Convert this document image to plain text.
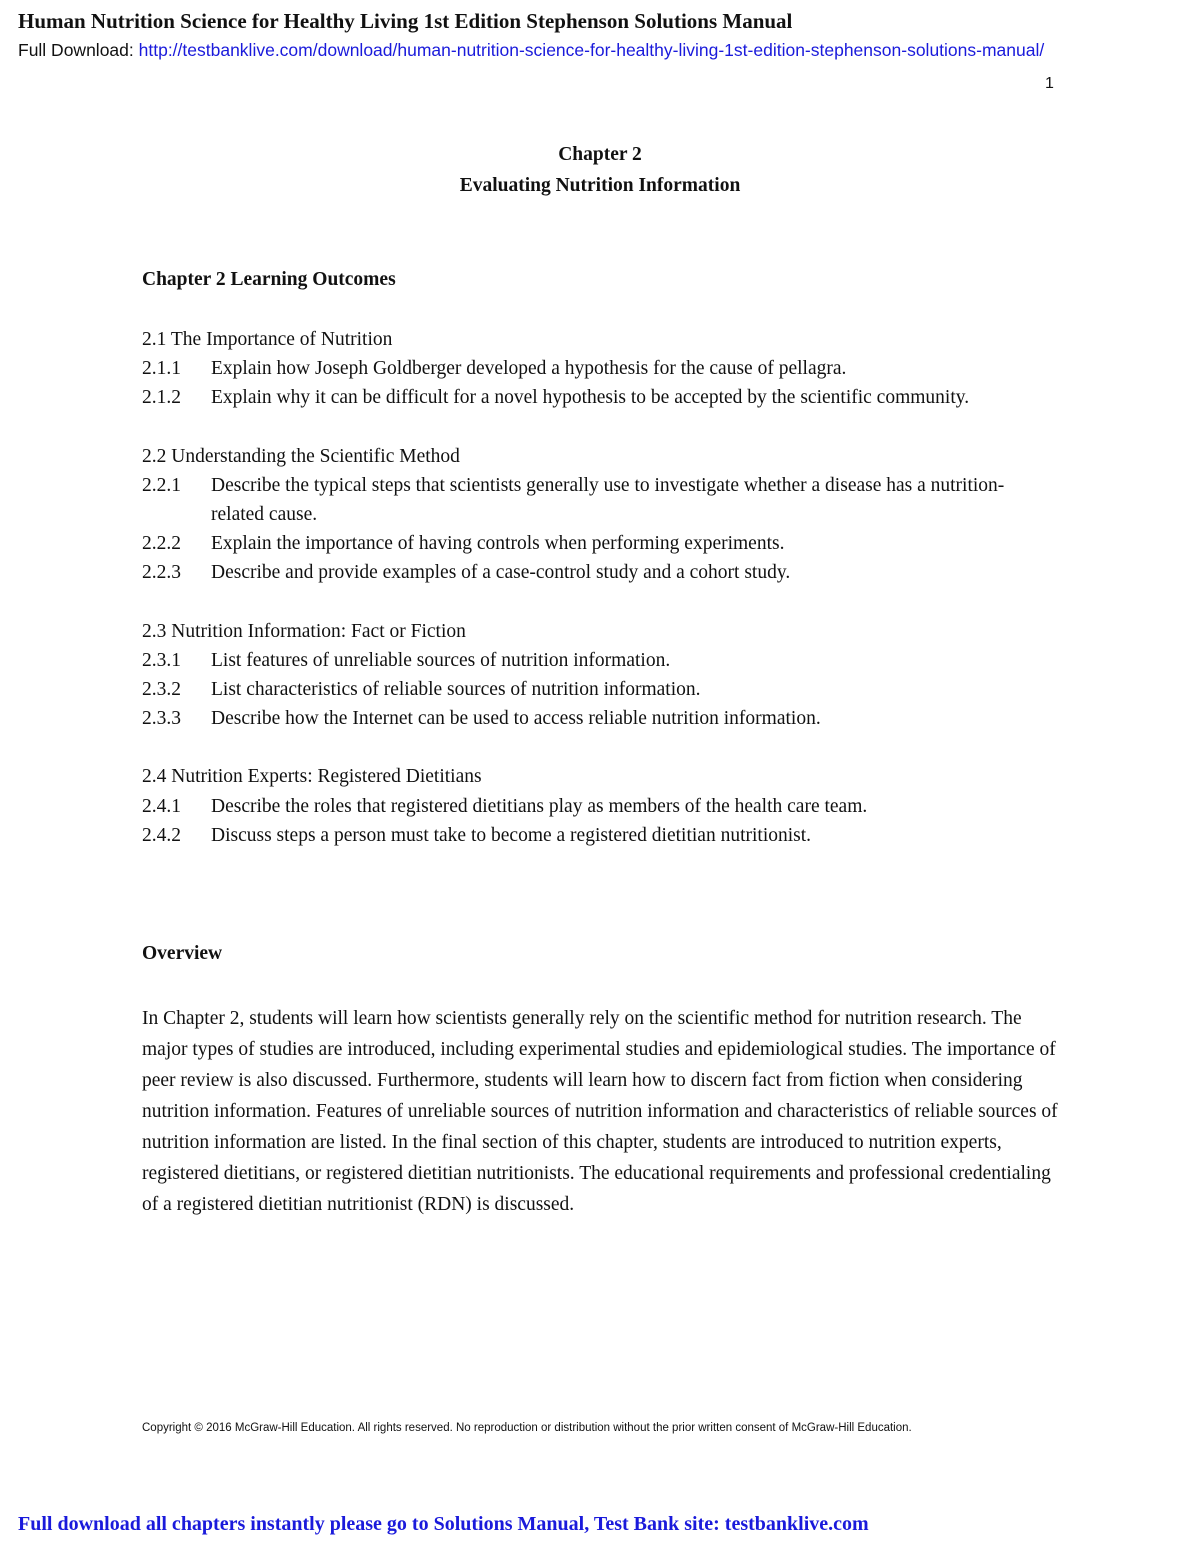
Human Nutrition Science for Healthy Living 1st Edition Stephenson Solutions Manual
Full Download: http://testbanklive.com/download/human-nutrition-science-for-healthy-living-1st-edition-stephenson-solutions-manual/
1
Chapter 2
Evaluating Nutrition Information
Chapter 2 Learning Outcomes
2.1 The Importance of Nutrition
2.1.1	Explain how Joseph Goldberger developed a hypothesis for the cause of pellagra.
2.1.2	Explain why it can be difficult for a novel hypothesis to be accepted by the scientific community.
2.2 Understanding the Scientific Method
2.2.1	Describe the typical steps that scientists generally use to investigate whether a disease has a nutrition-related cause.
2.2.2	Explain the importance of having controls when performing experiments.
2.2.3	Describe and provide examples of a case-control study and a cohort study.
2.3 Nutrition Information: Fact or Fiction
2.3.1	List features of unreliable sources of nutrition information.
2.3.2	List characteristics of reliable sources of nutrition information.
2.3.3	Describe how the Internet can be used to access reliable nutrition information.
2.4 Nutrition Experts: Registered Dietitians
2.4.1	Describe the roles that registered dietitians play as members of the health care team.
2.4.2	Discuss steps a person must take to become a registered dietitian nutritionist.
Overview
In Chapter 2, students will learn how scientists generally rely on the scientific method for nutrition research. The major types of studies are introduced, including experimental studies and epidemiological studies. The importance of peer review is also discussed. Furthermore, students will learn how to discern fact from fiction when considering nutrition information. Features of unreliable sources of nutrition information and characteristics of reliable sources of nutrition information are listed. In the final section of this chapter, students are introduced to nutrition experts, registered dietitians, or registered dietitian nutritionists. The educational requirements and professional credentialing of a registered dietitian nutritionist (RDN) is discussed.
Copyright © 2016 McGraw-Hill Education. All rights reserved. No reproduction or distribution without the prior written consent of McGraw-Hill Education.
Full download all chapters instantly please go to Solutions Manual, Test Bank site: testbanklive.com
